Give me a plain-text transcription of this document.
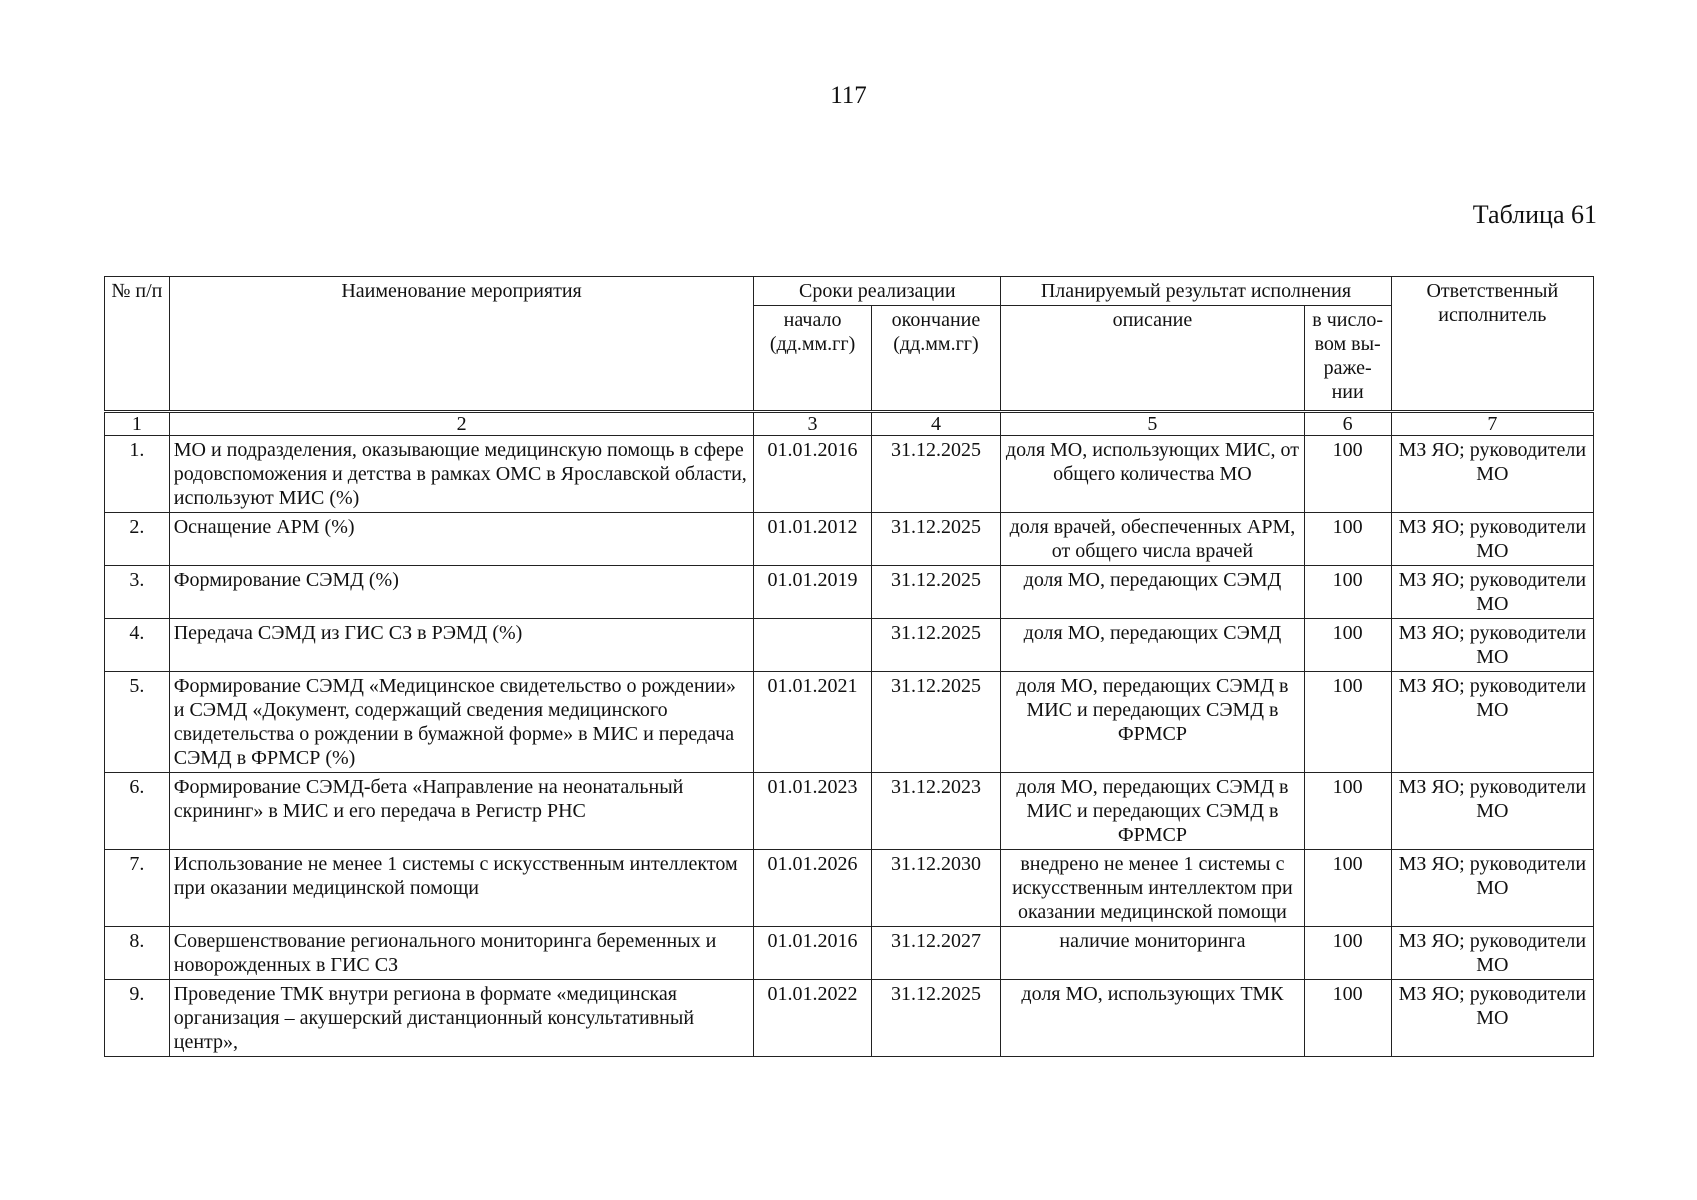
117
Таблица 61
№ п/п	Наименование мероприятия	Сроки реализации		Планируемый результат исполнения		Ответственный исполнитель
		начало (дд.мм.гг)	окончание (дд.мм.гг)	описание	в число-вом вы-раже-нии	
1	2	3	4	5	6	7
1.	МО и подразделения, оказывающие медицинскую помощь в сфере родовспоможения и детства в рамках ОМС в Ярославской области, используют МИС (%)	01.01.2016	31.12.2025	доля МО, использующих МИС, от общего количества МО	100	МЗ ЯО; руководители МО
2.	Оснащение АРМ (%)	01.01.2012	31.12.2025	доля врачей, обеспеченных АРМ, от общего числа врачей	100	МЗ ЯО; руководители МО
3.	Формирование СЭМД (%)	01.01.2019	31.12.2025	доля МО, передающих СЭМД	100	МЗ ЯО; руководители МО
4.	Передача СЭМД из ГИС СЗ в РЭМД (%)		31.12.2025	доля МО, передающих СЭМД	100	МЗ ЯО; руководители МО
5.	Формирование СЭМД «Медицинское свидетельство о рождении» и СЭМД «Документ, содержащий сведения медицинского свидетельства о рождении в бумажной форме» в МИС и передача СЭМД в ФРМСР (%)	01.01.2021	31.12.2025	доля МО, передающих СЭМД в МИС и передающих СЭМД в ФРМСР	100	МЗ ЯО; руководители МО
6.	Формирование СЭМД-бета «Направление на неонатальный скрининг» в МИС и его передача в Регистр РНС	01.01.2023	31.12.2023	доля МО, передающих СЭМД в МИС и передающих СЭМД в ФРМСР	100	МЗ ЯО; руководители МО
7.	Использование не менее 1 системы с искусственным интеллектом при оказании медицинской помощи	01.01.2026	31.12.2030	внедрено не менее 1 системы с искусственным интеллектом при оказании медицинской помощи	100	МЗ ЯО; руководители МО
8.	Совершенствование регионального мониторинга беременных и новорожденных в ГИС СЗ	01.01.2016	31.12.2027	наличие мониторинга	100	МЗ ЯО; руководители МО
9.	Проведение ТМК внутри региона в формате «медицинская организация – акушерский дистанционный консультативный центр»,	01.01.2022	31.12.2025	доля МО, использующих ТМК	100	МЗ ЯО; руководители МО
